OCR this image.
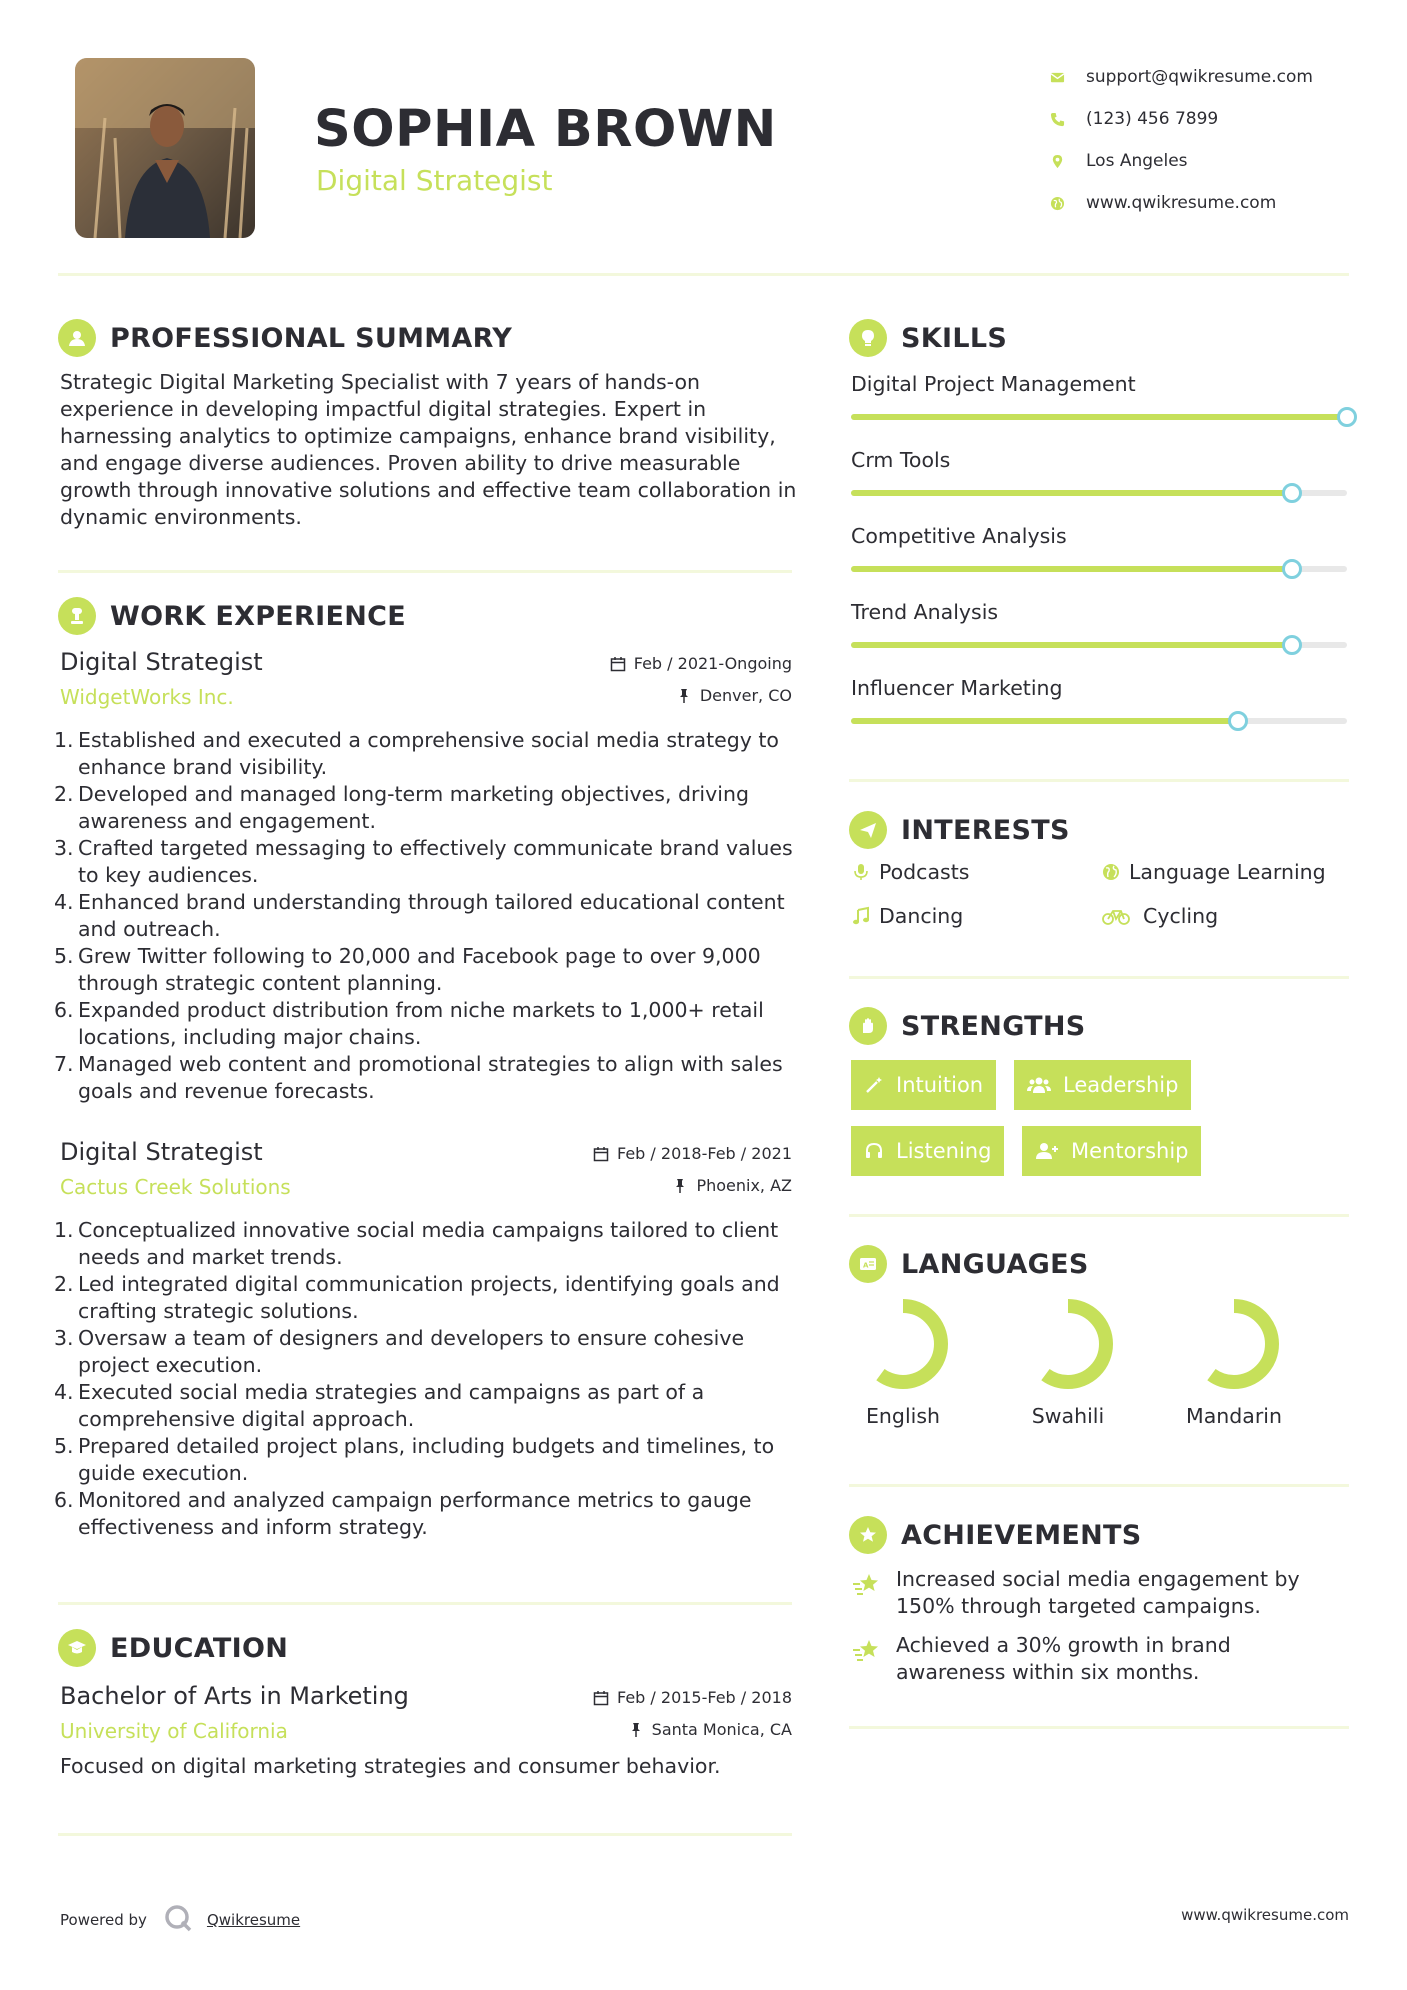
SOPHIA BROWN
Digital Strategist
support@qwikresume.com
(123) 456 7899
Los Angeles
www.qwikresume.com
PROFESSIONAL SUMMARY
Strategic Digital Marketing Specialist with 7 years of hands-on experience in developing impactful digital strategies. Expert in harnessing analytics to optimize campaigns, enhance brand visibility, and engage diverse audiences. Proven ability to drive measurable growth through innovative solutions and effective team collaboration in dynamic environments.
WORK EXPERIENCE
Digital Strategist
WidgetWorks Inc.
Feb / 2021-Ongoing
Denver, CO
1. Established and executed a comprehensive social media strategy to enhance brand visibility.
2. Developed and managed long-term marketing objectives, driving awareness and engagement.
3. Crafted targeted messaging to effectively communicate brand values to key audiences.
4. Enhanced brand understanding through tailored educational content and outreach.
5. Grew Twitter following to 20,000 and Facebook page to over 9,000 through strategic content planning.
6. Expanded product distribution from niche markets to 1,000+ retail locations, including major chains.
7. Managed web content and promotional strategies to align with sales goals and revenue forecasts.
Digital Strategist
Cactus Creek Solutions
Feb / 2018-Feb / 2021
Phoenix, AZ
1. Conceptualized innovative social media campaigns tailored to client needs and market trends.
2. Led integrated digital communication projects, identifying goals and crafting strategic solutions.
3. Oversaw a team of designers and developers to ensure cohesive project execution.
4. Executed social media strategies and campaigns as part of a comprehensive digital approach.
5. Prepared detailed project plans, including budgets and timelines, to guide execution.
6. Monitored and analyzed campaign performance metrics to gauge effectiveness and inform strategy.
EDUCATION
Bachelor of Arts in Marketing
University of California
Feb / 2015-Feb / 2018
Santa Monica, CA
Focused on digital marketing strategies and consumer behavior.
SKILLS
Digital Project Management
Crm Tools
Competitive Analysis
Trend Analysis
Influencer Marketing
INTERESTS
Podcasts	Language Learning
Dancing	Cycling
STRENGTHS
Intuition	Leadership
Listening	Mentorship
A LANGUAGES
English	Swahili	Mandarin
ACHIEVEMENTS
Increased social media engagement by 150% through targeted campaigns.
Achieved a 30% growth in brand awareness within six months.
Powered by	Qwikresume	www.qwikresume.com
